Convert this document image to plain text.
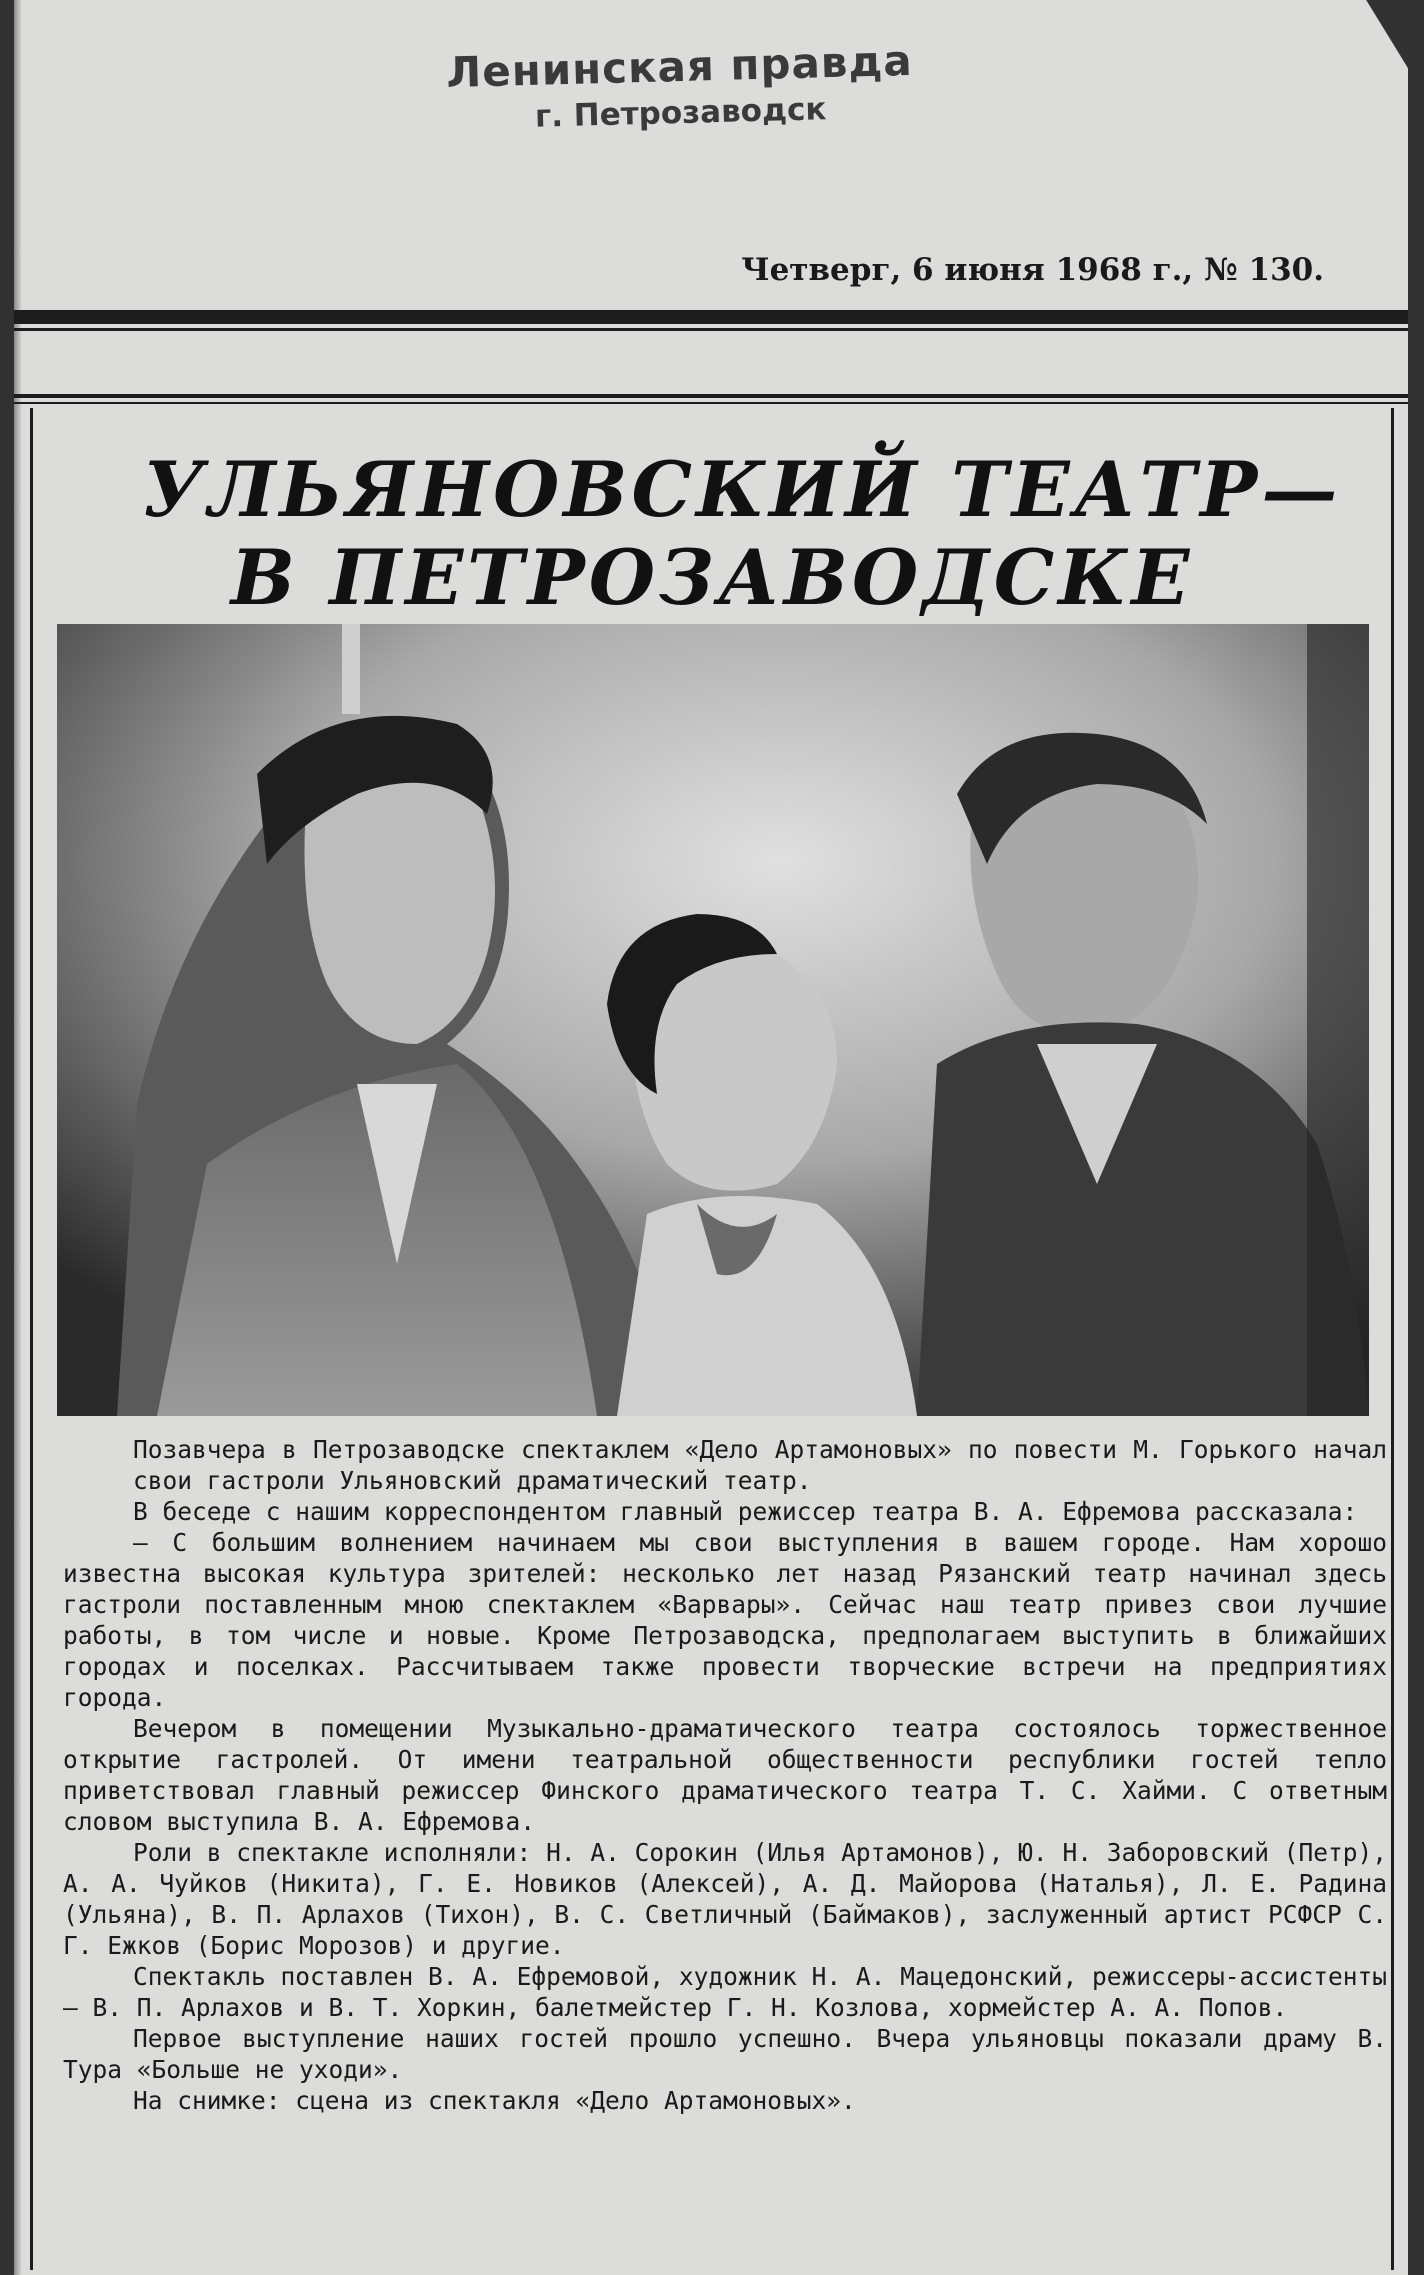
Ленинская правда
г. Петрозаводск
Четверг, 6 июня 1968 г., № 130.
УЛЬЯНОВСКИЙ ТЕАТР—
В ПЕТРОЗАВОДСКЕ
Позавчера в Петрозаводске спектаклем «Дело Артамоновых» по повести М. Горького начал свои гастроли Ульяновский драматический театр.
В беседе с нашим корреспондентом главный режиссер театра В. А. Ефремова рассказала:
— С большим волнением начинаем мы свои выступления в вашем городе. Нам хорошо известна высокая культура зрителей: несколько лет назад Рязанский театр начинал здесь гастроли поставленным мною спектаклем «Варвары». Сейчас наш театр привез свои лучшие работы, в том числе и новые. Кроме Петрозаводска, предполагаем выступить в ближайших городах и поселках. Рассчитываем также провести творческие встречи на предприятиях города.
Вечером в помещении Музыкально-драматического театра состоялось торжественное открытие гастролей. От имени театральной общественности республики гостей тепло приветствовал главный режиссер Финского драматического театра Т. С. Хайми. С ответным словом выступила В. А. Ефремова.
Роли в спектакле исполняли: Н. А. Сорокин (Илья Артамонов), Ю. Н. Заборовский (Петр), А. А. Чуйков (Никита), Г. Е. Новиков (Алексей), А. Д. Майорова (Наталья), Л. Е. Радина (Ульяна), В. П. Арлахов (Тихон), В. С. Светличный (Баймаков), заслуженный артист РСФСР С. Г. Ежков (Борис Морозов) и другие.
Спектакль поставлен В. А. Ефремовой, художник Н. А. Мацедонский, режиссеры-ассистенты — В. П. Арлахов и В. Т. Хоркин, балетмейстер Г. Н. Козлова, хормейстер А. А. Попов.
Первое выступление наших гостей прошло успешно. Вчера ульяновцы показали драму В. Тура «Больше не уходи».
На снимке: сцена из спектакля «Дело Артамоновых».
